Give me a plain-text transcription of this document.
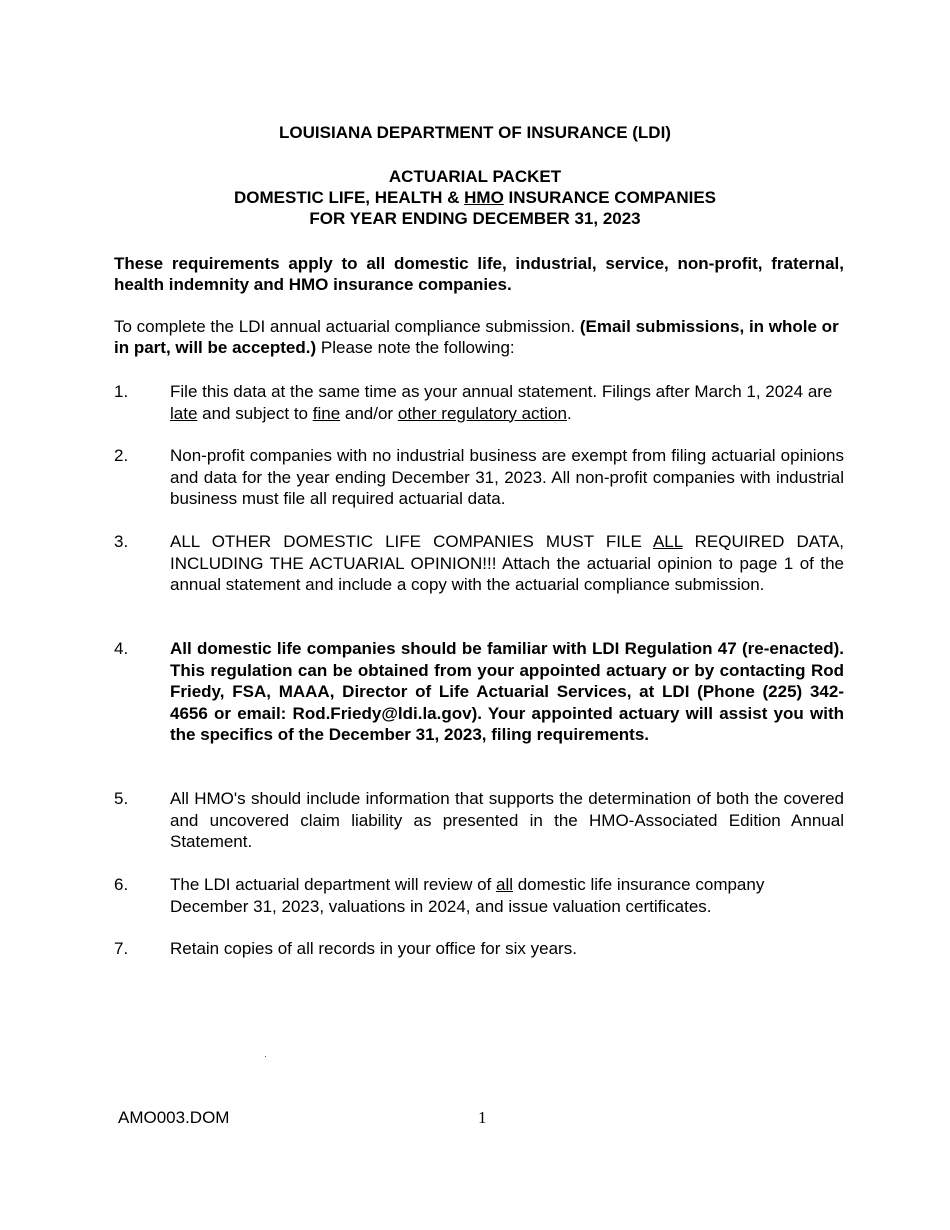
LOUISIANA DEPARTMENT OF INSURANCE (LDI)
ACTUARIAL PACKET
DOMESTIC LIFE, HEALTH & HMO INSURANCE COMPANIES
FOR YEAR ENDING DECEMBER 31, 2023
These requirements apply to all domestic life, industrial, service, non-profit, fraternal, health indemnity and HMO insurance companies.
To complete the LDI annual actuarial compliance submission. (Email submissions, in whole or in part, will be accepted.) Please note the following:
1.	File this data at the same time as your annual statement. Filings after March 1, 2024 are late and subject to fine and/or other regulatory action.
2.	Non-profit companies with no industrial business are exempt from filing actuarial opinions and data for the year ending December 31, 2023. All non-profit companies with industrial business must file all required actuarial data.
3.	ALL OTHER DOMESTIC LIFE COMPANIES MUST FILE ALL REQUIRED DATA, INCLUDING THE ACTUARIAL OPINION!!! Attach the actuarial opinion to page 1 of the annual statement and include a copy with the actuarial compliance submission.
4.	All domestic life companies should be familiar with LDI Regulation 47 (re-enacted). This regulation can be obtained from your appointed actuary or by contacting Rod Friedy, FSA, MAAA, Director of Life Actuarial Services, at LDI (Phone (225) 342-4656 or email: Rod.Friedy@ldi.la.gov). Your appointed actuary will assist you with the specifics of the December 31, 2023, filing requirements.
5.	All HMO's should include information that supports the determination of both the covered and uncovered claim liability as presented in the HMO-Associated Edition Annual Statement.
6.	The LDI actuarial department will review of all domestic life insurance company December 31, 2023, valuations in 2024, and issue valuation certificates.
7.	Retain copies of all records in your office for six years.
AMO003.DOM	1
